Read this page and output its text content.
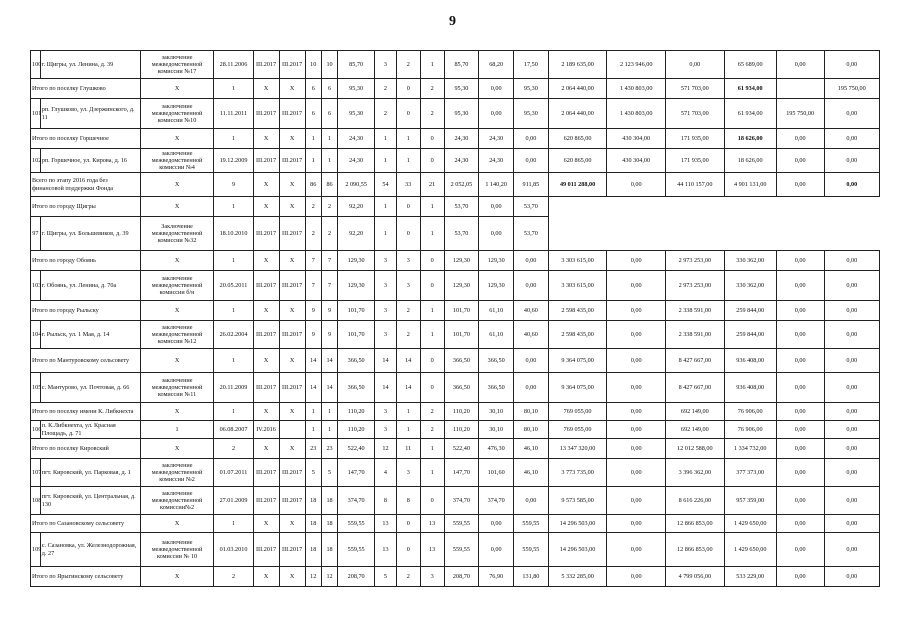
9
100	г. Щигры, ул. Ленина, д. 39	заключение межведомственной комиссии №17	28.11.2006	III.2017	III.2017	10	10	85,70	3	2	1	85,70	68,20	17,50	2 189 635,00	2 123 946,00	0,00	65 689,00	0,00	0,00
Итого по поселку Глушково		Х	1	Х	Х	6	6	95,30	2	0	2	95,30	0,00	95,30	2 064 440,00	1 430 803,00	571 703,00	61 934,00		195 750,00
101	рп. Глушково, ул. Дзержинского, д. 11	заключение межведомственной комиссии №10	11.11.2011	III.2017	III.2017	6	6	95,30	2	0	2	95,30	0,00	95,30	2 064 440,00	1 430 803,00	571 703,00	61 934,00	195 750,00	0,00
Итого по поселку Горшечное		Х	1	Х	Х	1	1	24,30	1	1	0	24,30	24,30	0,00	620 865,00	430 304,00	171 935,00	18 626,00	0,00	0,00
102	рп. Горшечное, ул. Кирова, д. 16	заключение межведомственной комиссии №4	19.12.2009	III.2017	III.2017	1	1	24,30	1	1	0	24,30	24,30	0,00	620 865,00	430 304,00	171 935,00	18 626,00	0,00	0,00
Всего по этапу 2016 года без финансовой поддержки Фонда		Х	9	Х	Х	86	86	2 090,55	54	33	21	2 052,05	1 140,20	911,85	49 011 288,00	0,00	44 110 157,00	4 901 131,00	0,00	0,00
Итого по городу Щигры		Х	1	Х	Х	2	2	92,20	1	0	1	53,70	0,00	53,70						
97	г. Щигры, ул. Большевиков, д. 39	Заключение межведомственной комиссии №32	18.10.2010	III.2017	III.2017	2	2	92,20	1	0	1	53,70	0,00	53,70						
Итого по городу Обоянь		Х	1	Х	Х	7	7	129,30	3	3	0	129,30	129,30	0,00	3 303 615,00	0,00	2 973 253,00	330 362,00	0,00	0,00
103	г. Обоянь, ул. Ленина, д. 70а	заключение межведомственной комиссии б/н	20.05.2011	III.2017	III.2017	7	7	129,30	3	3	0	129,30	129,30	0,00	3 303 615,00	0,00	2 973 253,00	330 362,00	0,00	0,00
Итого по городу Рыльску		Х	1	Х	Х	9	9	101,70	3	2	1	101,70	61,10	40,60	2 598 435,00	0,00	2 338 591,00	259 844,00	0,00	0,00
104	г. Рыльск, ул. 1 Мая, д. 14	заключение межведомственной комиссии №12	26.02.2004	III.2017	III.2017	9	9	101,70	3	2	1	101,70	61,10	40,60	2 598 435,00	0,00	2 338 591,00	259 844,00	0,00	0,00
Итого по Мантуровскому сельсовету		Х	1	Х	Х	14	14	366,50	14	14	0	366,50	366,50	0,00	9 364 075,00	0,00	8 427 667,00	936 408,00	0,00	0,00
105	с. Мантурово, ул. Почтовая, д. 66	заключение межведомственной комиссии №11	20.11.2009	III.2017	III.2017	14	14	366,50	14	14	0	366,50	366,50	0,00	9 364 075,00	0,00	8 427 667,00	936 408,00	0,00	0,00
Итого по поселку имени К. Либкнехта		Х	1	Х	Х	1	1	110,20	3	1	2	110,20	30,10	80,10	769 055,00	0,00	692 149,00	76 906,00	0,00	0,00
106	п. К.Либкнехта, ул. Красная Площадь, д. 71	1	06.08.2007	IV.2016		1	1	110,20	3	1	2	110,20	30,10	80,10	769 055,00	0,00	692 149,00	76 906,00	0,00	0,00
Итого по поселку Кировский		Х	2	Х	Х	23	23	522,40	12	11	1	522,40	476,30	46,10	13 347 320,00	0,00	12 012 588,00	1 334 732,00	0,00	0,00
107	пгт. Кировский, ул. Парковая, д. 1	заключение межведомственной комиссии №2	01.07.2011	III.2017	III.2017	5	5	147,70	4	3	1	147,70	101,60	46,10	3 773 735,00	0,00	3 396 362,00	377 373,00	0,00	0,00
108	пгт. Кировский, ул. Центральная, д. 130	заключение межведомственной комиссии№2	27.01.2009	III.2017	III.2017	18	18	374,70	8	8	0	374,70	374,70	0,00	9 573 585,00	0,00	8 616 226,00	957 359,00	0,00	0,00
Итого по Сазановскому сельсовету		Х	1	Х	Х	18	18	559,55	13	0	13	559,55	0,00	559,55	14 296 503,00	0,00	12 866 853,00	1 429 650,00	0,00	0,00
109	с. Сазановка, ул. Железнодорожная, д. 27	заключение межведомственной комиссии № 10	01.03.2010	III.2017	III.2017	18	18	559,55	13	0	13	559,55	0,00	559,55	14 296 503,00	0,00	12 866 853,00	1 429 650,00	0,00	0,00
Итого по Ярыгинскому сельсовету		Х	2	Х	Х	12	12	208,70	5	2	3	208,70	76,90	131,80	5 332 285,00	0,00	4 799 056,00	533 229,00	0,00	0,00
